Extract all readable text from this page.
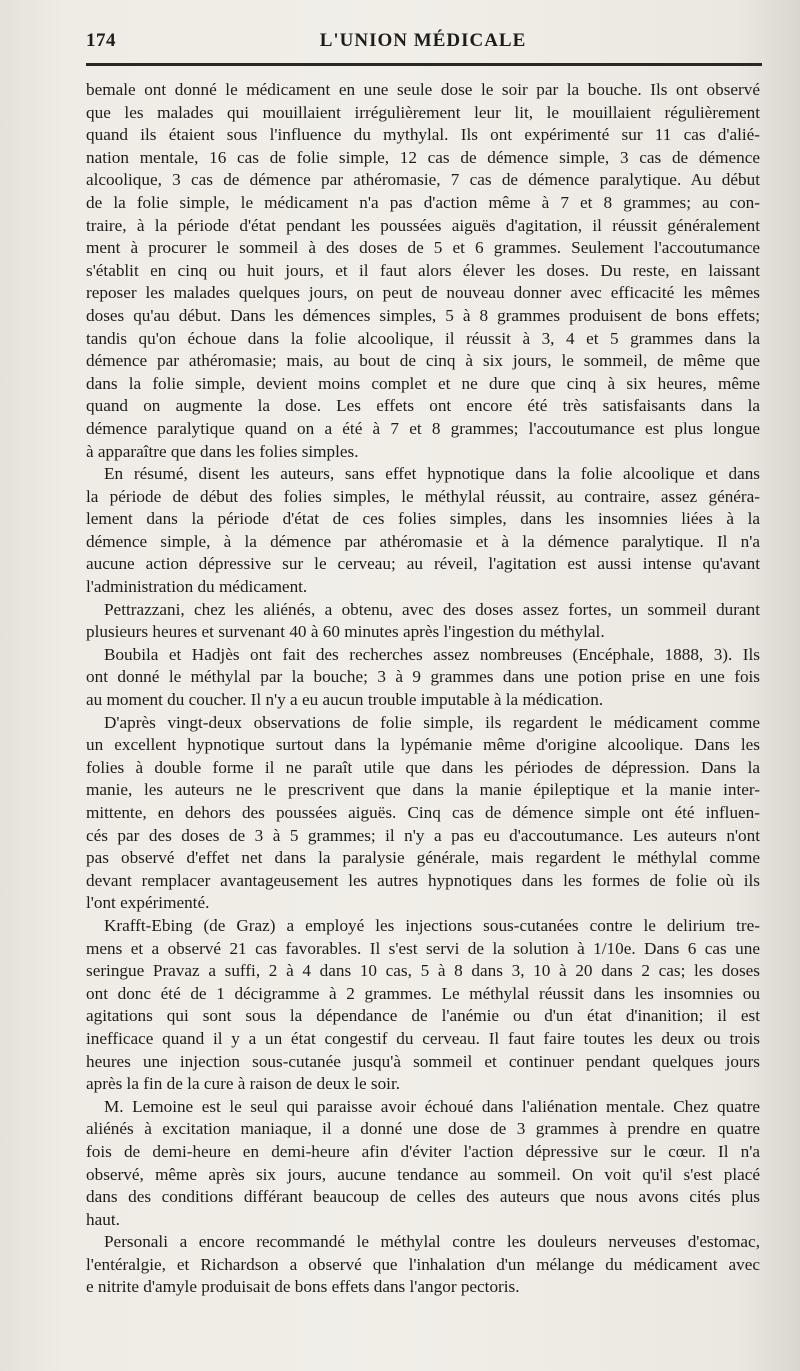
174	L'UNION MÉDICALE
bemale ont donné le médicament en une seule dose le soir par la bouche. Ils ont observé
que les malades qui mouillaient irrégulièrement leur lit, le mouillaient régulièrement
quand ils étaient sous l'influence du mythylal. Ils ont expérimenté sur 11 cas d'alié-
nation mentale, 16 cas de folie simple, 12 cas de démence simple, 3 cas de démence
alcoolique, 3 cas de démence par athéromasie, 7 cas de démence paralytique. Au début
de la folie simple, le médicament n'a pas d'action même à 7 et 8 grammes; au con-
traire, à la période d'état pendant les poussées aiguës d'agitation, il réussit généralement
ment à procurer le sommeil à des doses de 5 et 6 grammes. Seulement l'accoutumance
s'établit en cinq ou huit jours, et il faut alors élever les doses. Du reste, en laissant
reposer les malades quelques jours, on peut de nouveau donner avec efficacité les mêmes
doses qu'au début. Dans les démences simples, 5 à 8 grammes produisent de bons effets;
tandis qu'on échoue dans la folie alcoolique, il réussit à 3, 4 et 5 grammes dans la
démence par athéromasie; mais, au bout de cinq à six jours, le sommeil, de même que
dans la folie simple, devient moins complet et ne dure que cinq à six heures, même
quand on augmente la dose. Les effets ont encore été très satisfaisants dans la
démence paralytique quand on a été à 7 et 8 grammes; l'accoutumance est plus longue
à apparaître que dans les folies simples.
En résumé, disent les auteurs, sans effet hypnotique dans la folie alcoolique et dans
la période de début des folies simples, le méthylal réussit, au contraire, assez généra-
lement dans la période d'état de ces folies simples, dans les insomnies liées à la
démence simple, à la démence par athéromasie et à la démence paralytique. Il n'a
aucune action dépressive sur le cerveau; au réveil, l'agitation est aussi intense qu'avant
l'administration du médicament.
Pettrazzani, chez les aliénés, a obtenu, avec des doses assez fortes, un sommeil durant
plusieurs heures et survenant 40 à 60 minutes après l'ingestion du méthylal.
Boubila et Hadjès ont fait des recherches assez nombreuses (Encéphale, 1888, 3). Ils
ont donné le méthylal par la bouche; 3 à 9 grammes dans une potion prise en une fois
au moment du coucher. Il n'y a eu aucun trouble imputable à la médication.
D'après vingt-deux observations de folie simple, ils regardent le médicament comme
un excellent hypnotique surtout dans la lypémanie même d'origine alcoolique. Dans les
folies à double forme il ne paraît utile que dans les périodes de dépression. Dans la
manie, les auteurs ne le prescrivent que dans la manie épileptique et la manie inter-
mittente, en dehors des poussées aiguës. Cinq cas de démence simple ont été influen-
cés par des doses de 3 à 5 grammes; il n'y a pas eu d'accoutumance. Les auteurs n'ont
pas observé d'effet net dans la paralysie générale, mais regardent le méthylal comme
devant remplacer avantageusement les autres hypnotiques dans les formes de folie où ils
l'ont expérimenté.
Krafft-Ebing (de Graz) a employé les injections sous-cutanées contre le delirium tre-
mens et a observé 21 cas favorables. Il s'est servi de la solution à 1/10e. Dans 6 cas une
seringue Pravaz a suffi, 2 à 4 dans 10 cas, 5 à 8 dans 3, 10 à 20 dans 2 cas; les doses
ont donc été de 1 décigramme à 2 grammes. Le méthylal réussit dans les insomnies ou
agitations qui sont sous la dépendance de l'anémie ou d'un état d'inanition; il est
inefficace quand il y a un état congestif du cerveau. Il faut faire toutes les deux ou trois
heures une injection sous-cutanée jusqu'à sommeil et continuer pendant quelques jours
après la fin de la cure à raison de deux le soir.
M. Lemoine est le seul qui paraisse avoir échoué dans l'aliénation mentale. Chez quatre
aliénés à excitation maniaque, il a donné une dose de 3 grammes à prendre en quatre
fois de demi-heure en demi-heure afin d'éviter l'action dépressive sur le cœur. Il n'a
observé, même après six jours, aucune tendance au sommeil. On voit qu'il s'est placé
dans des conditions différant beaucoup de celles des auteurs que nous avons cités plus
haut.
Personali a encore recommandé le méthylal contre les douleurs nerveuses d'estomac,
l'entéralgie, et Richardson a observé que l'inhalation d'un mélange du médicament avec
e nitrite d'amyle produisait de bons effets dans l'angor pectoris.
